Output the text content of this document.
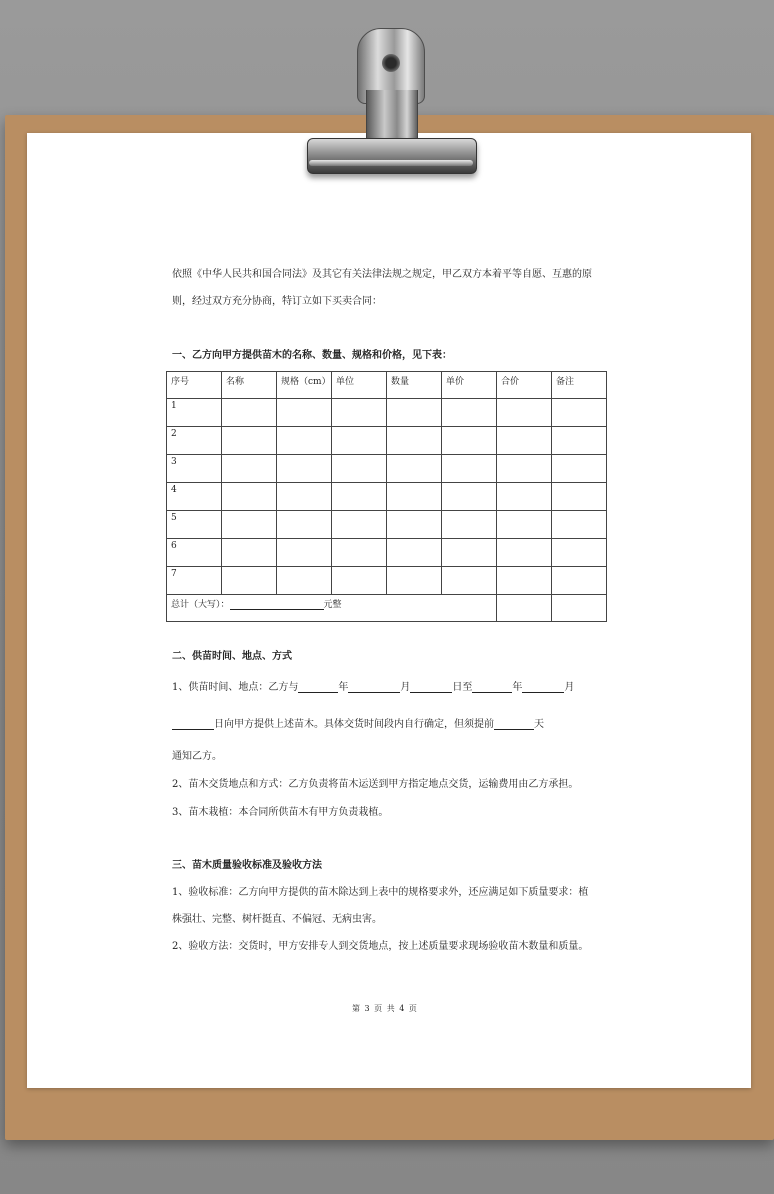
依照《中华人民共和国合同法》及其它有关法律法规之规定，甲乙双方本着平等自愿、互惠的原
则，经过双方充分协商，特订立如下买卖合同：
一、乙方向甲方提供苗木的名称、数量、规格和价格，见下表：
二、供苗时间、地点、方式
1、供苗时间、地点：乙方与	年	月	日至	年	月
日向甲方提供上述苗木。具体交货时间段内自行确定，但须提前	天
通知乙方。
2、苗木交货地点和方式：乙方负责将苗木运送到甲方指定地点交货，运输费用由乙方承担。
3、苗木栽植：本合同所供苗木有甲方负责栽植。
三、苗木质量验收标准及验收方法
1、验收标准：乙方向甲方提供的苗木除达到上表中的规格要求外，还应满足如下质量要求：植
株强壮、完整、树杆挺直、不偏冠、无病虫害。
2、验收方法：交货时，甲方安排专人到交货地点，按上述质量要求现场验收苗木数量和质量。
序号	名称	规格（cm）	单位	数量	单价	合价	备注
1							
2							
3							
4							
5							
6							
7							
总计（大写）： 元整							
第 3 页 共 4 页
